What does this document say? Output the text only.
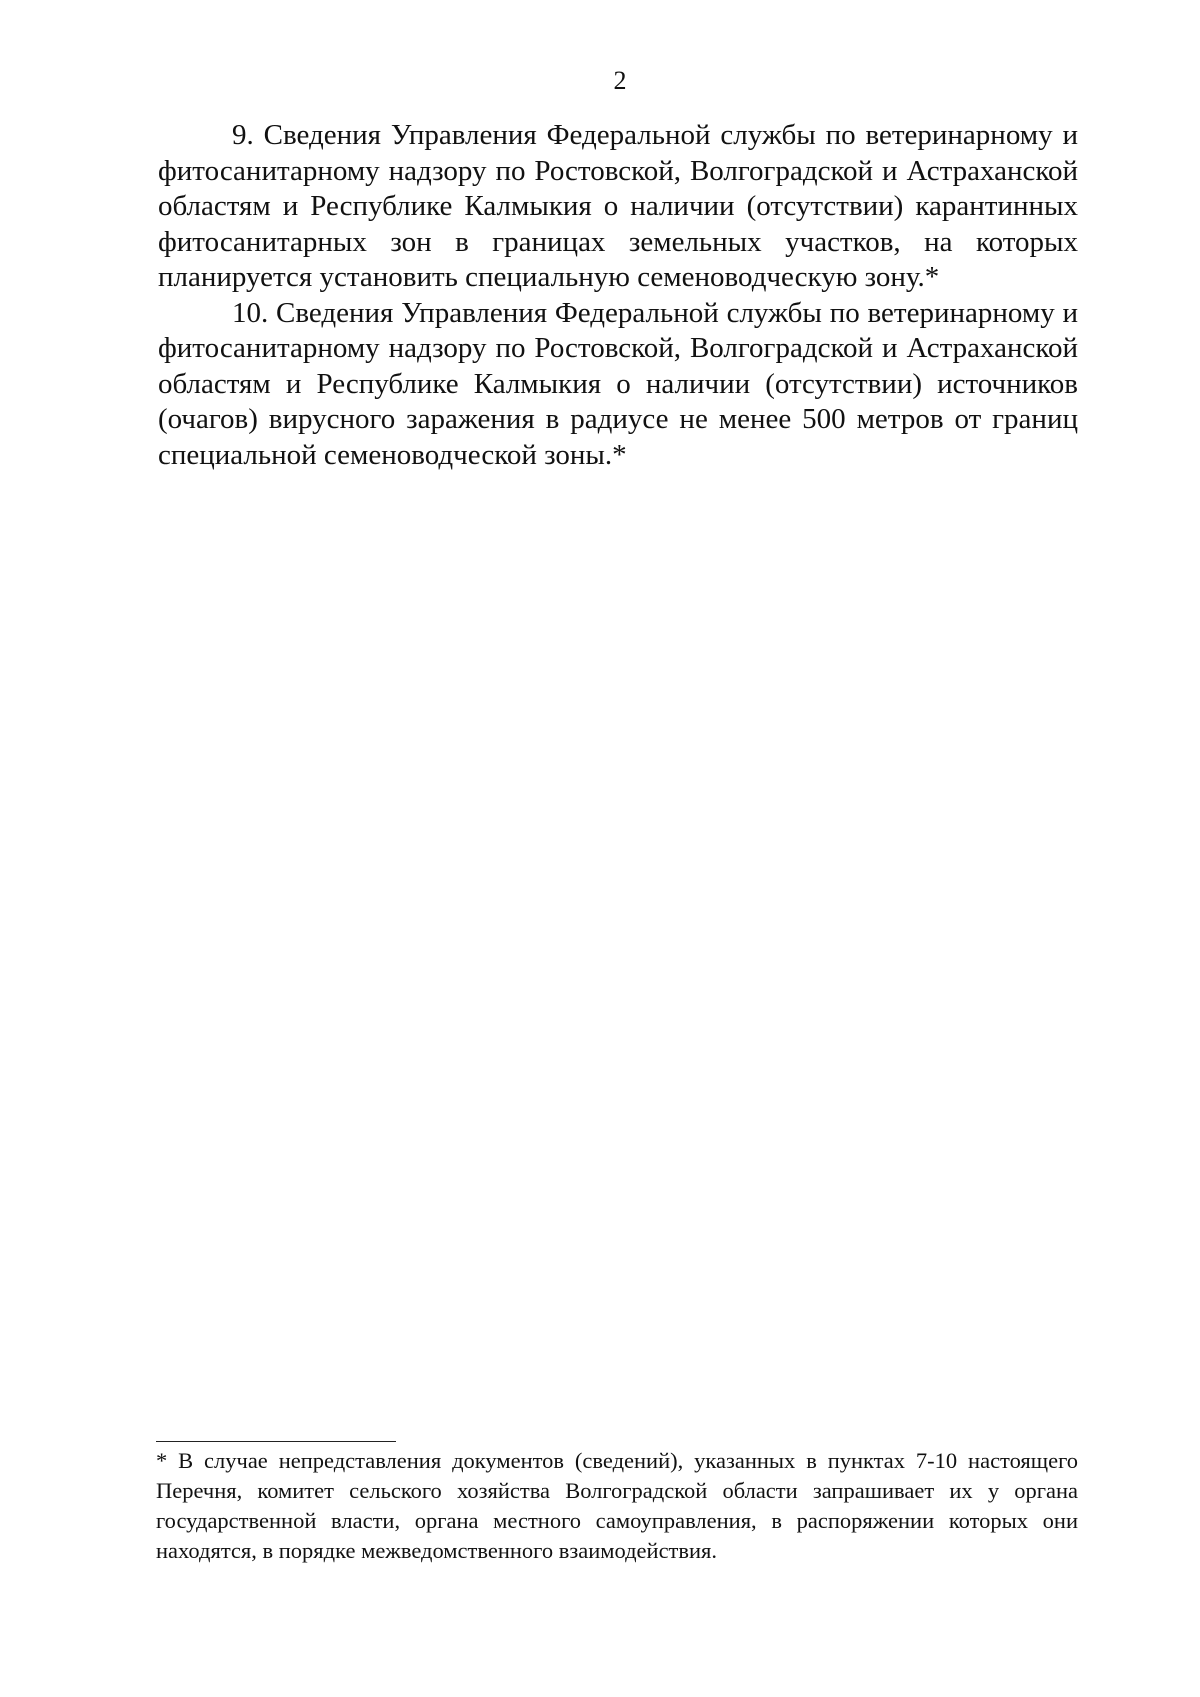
2

9. Сведения Управления Федеральной службы по ветеринарному и фитосанитарному надзору по Ростовской, Волгоградской и Астраханской областям и Республике Калмыкия о наличии (отсутствии) карантинных фитосанитарных зон в границах земельных участков, на которых планируется установить специальную семеноводческую зону.*

10. Сведения Управления Федеральной службы по ветеринарному и фитосанитарному надзору по Ростовской, Волгоградской и Астраханской областям и Республике Калмыкия о наличии (отсутствии) источников (очагов) вирусного заражения в радиусе не менее 500 метров от границ специальной семеноводческой зоны.*

* В случае непредставления документов (сведений), указанных в пунктах 7-10 настоящего Перечня, комитет сельского хозяйства Волгоградской области запрашивает их у органа государственной власти, органа местного самоуправления, в распоряжении которых они находятся, в порядке межведомственного взаимодействия.
